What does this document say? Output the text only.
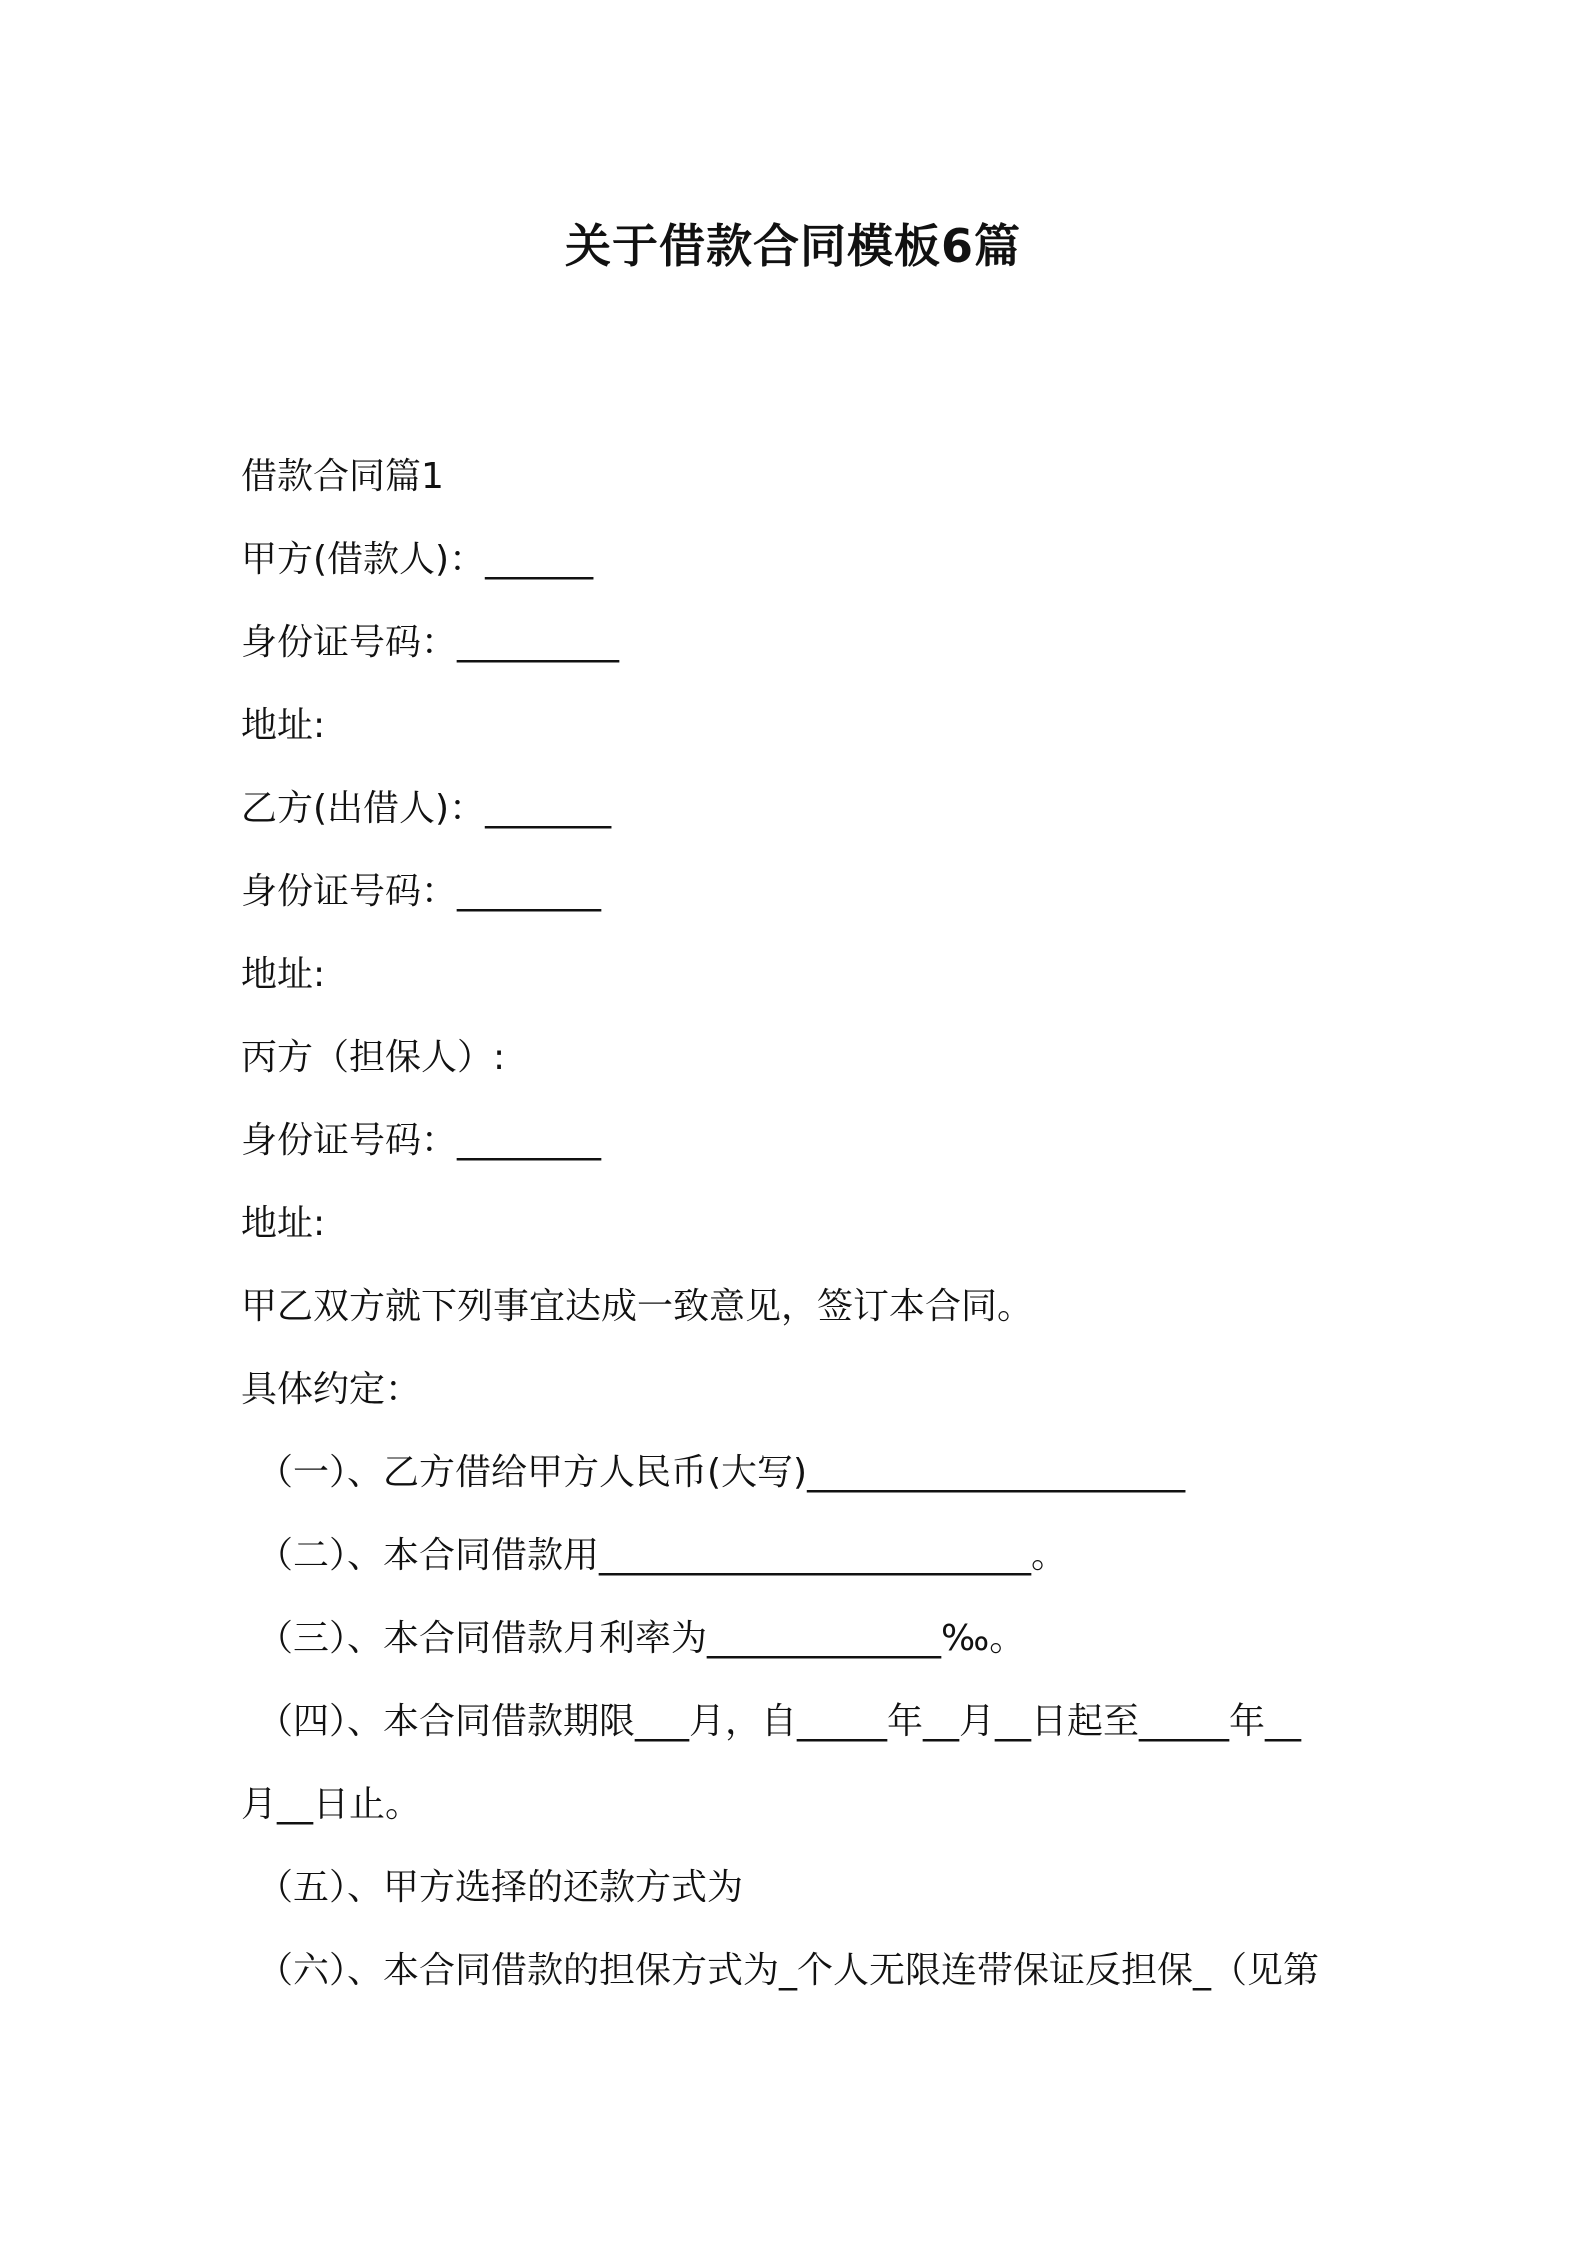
关于借款合同模板6篇
借款合同篇1
甲方(借款人)：______
身份证号码：_________
地址:
乙方(出借人)：_______
身份证号码：________
地址:
丙方（担保人）:
身份证号码：________
地址:
甲乙双方就下列事宜达成一致意见，签订本合同。
具体约定：
（一）、乙方借给甲方人民币(大写)_____________________
（二）、本合同借款用________________________。
（三）、本合同借款月利率为_____________‰。
（四）、本合同借款期限___月，自_____年__月__日起至_____年__
月__日止。
（五）、甲方选择的还款方式为
（六）、本合同借款的担保方式为_个人无限连带保证反担保_（见第
